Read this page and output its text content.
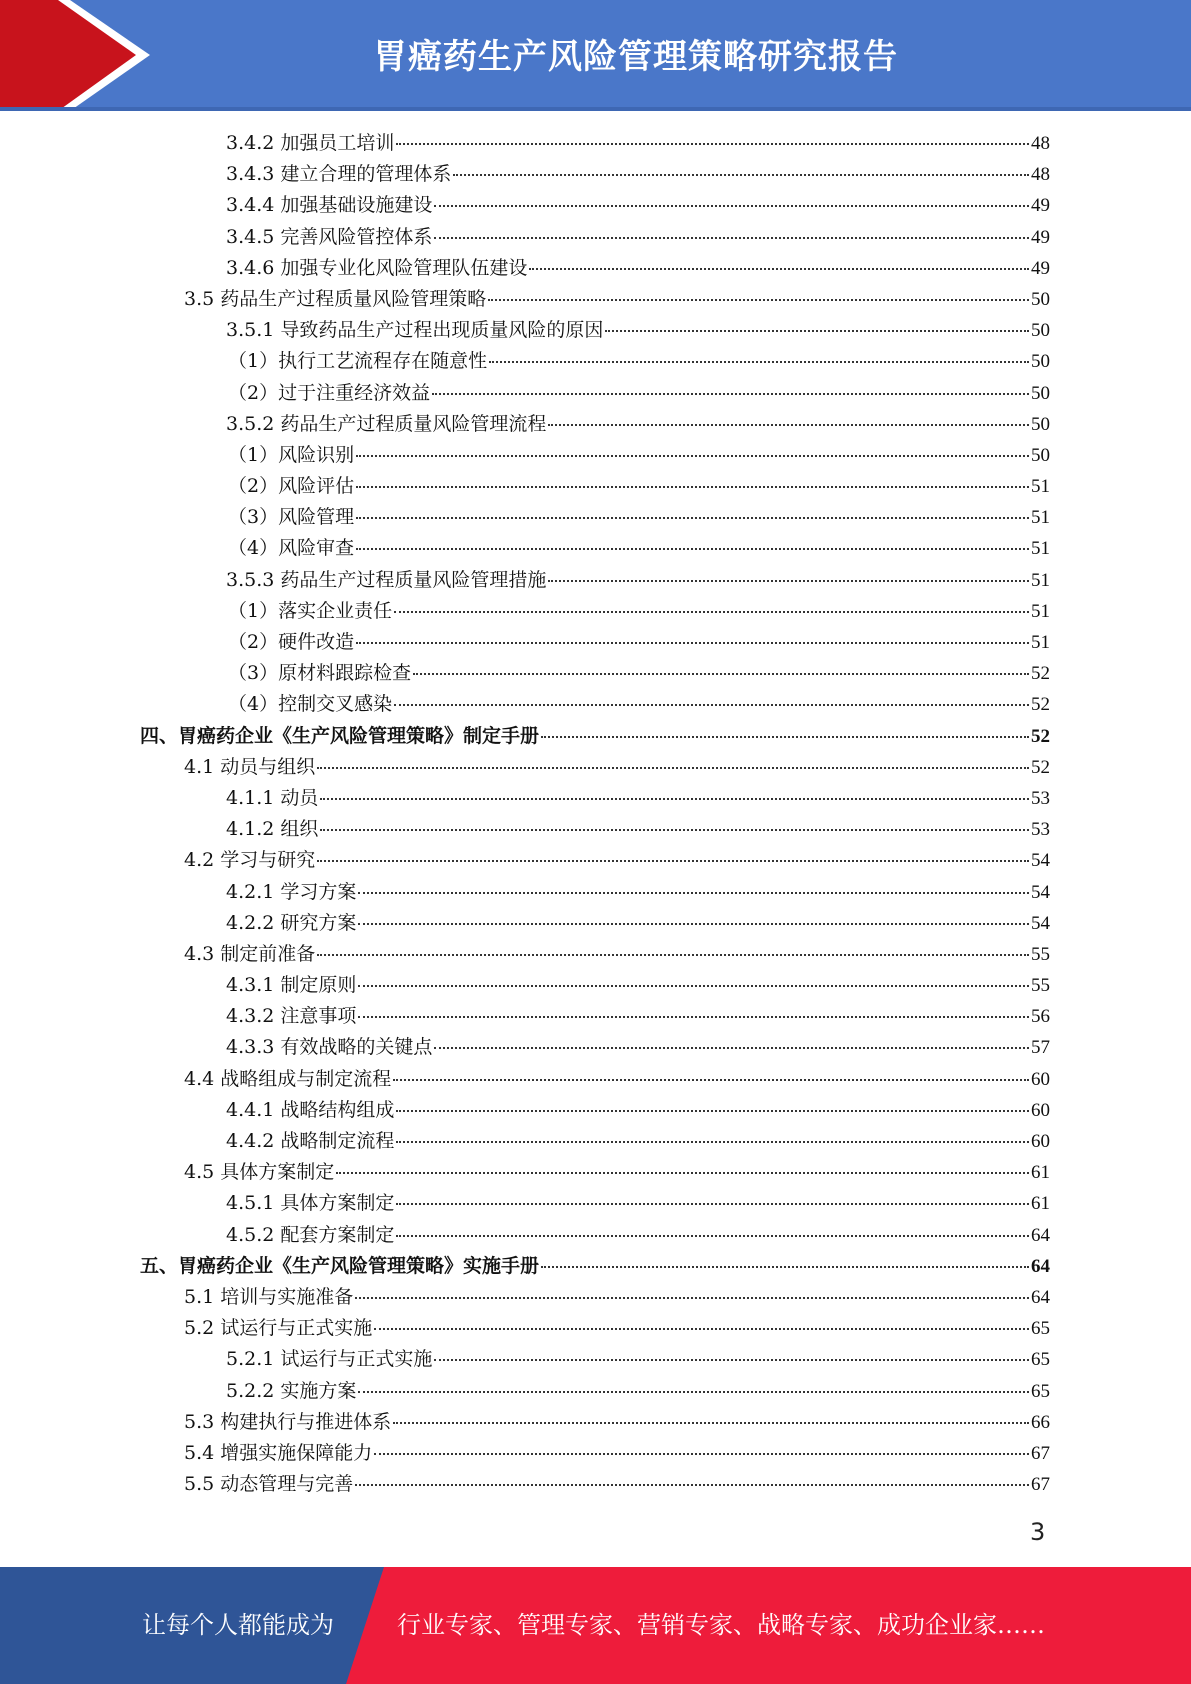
胃癌药生产风险管理策略研究报告
3.4.2 加强员工培训	48
3.4.3 建立合理的管理体系	48
3.4.4 加强基础设施建设	49
3.4.5 完善风险管控体系	49
3.4.6 加强专业化风险管理队伍建设	49
3.5 药品生产过程质量风险管理策略	50
3.5.1 导致药品生产过程出现质量风险的原因	50
（1）执行工艺流程存在随意性	50
（2）过于注重经济效益	50
3.5.2 药品生产过程质量风险管理流程	50
（1）风险识别	50
（2）风险评估	51
（3）风险管理	51
（4）风险审查	51
3.5.3 药品生产过程质量风险管理措施	51
（1）落实企业责任	51
（2）硬件改造	51
（3）原材料跟踪检查	52
（4）控制交叉感染	52
四、胃癌药企业《生产风险管理策略》制定手册	52
4.1 动员与组织	52
4.1.1 动员	53
4.1.2 组织	53
4.2 学习与研究	54
4.2.1 学习方案	54
4.2.2 研究方案	54
4.3 制定前准备	55
4.3.1 制定原则	55
4.3.2 注意事项	56
4.3.3 有效战略的关键点	57
4.4 战略组成与制定流程	60
4.4.1 战略结构组成	60
4.4.2 战略制定流程	60
4.5 具体方案制定	61
4.5.1 具体方案制定	61
4.5.2 配套方案制定	64
五、胃癌药企业《生产风险管理策略》实施手册	64
5.1 培训与实施准备	64
5.2 试运行与正式实施	65
5.2.1 试运行与正式实施	65
5.2.2 实施方案	65
5.3 构建执行与推进体系	66
5.4 增强实施保障能力	67
5.5 动态管理与完善	67
3
让每个人都能成为	行业专家、管理专家、营销专家、战略专家、成功企业家……
